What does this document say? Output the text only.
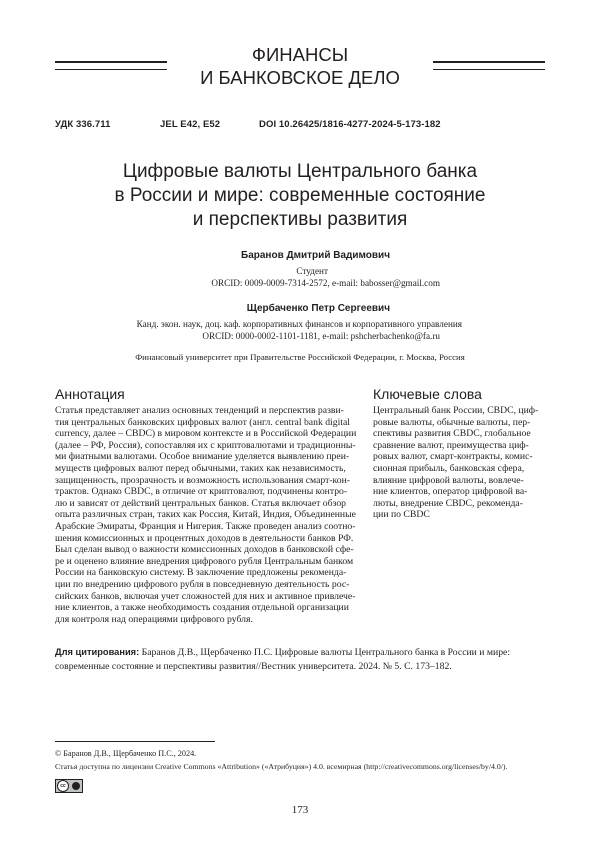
ФИНАНСЫ
И БАНКОВСКОЕ ДЕЛО
УДК 336.711	JEL E42, E52	DOI 10.26425/1816-4277-2024-5-173-182
Цифровые валюты Центрального банка
в России и мире: современные состояние
и перспективы развития
Баранов Дмитрий Вадимович
Студент
ORCID: 0009-0009-7314-2572, e-mail: babosser@gmail.com
Щербаченко Петр Сергеевич
Канд. экон. наук, доц. каф. корпоративных финансов и корпоративного управления
ORCID: 0000-0002-1101-1181, e-mail: pshcherbachenko@fa.ru
Финансовый университет при Правительстве Российской Федерации, г. Москва, Россия
Аннотация
Статья представляет анализ основных тенденций и перспектив разви-
тия центральных банковских цифровых валют (англ. central bank digital
currency, далее – CBDC) в мировом контексте и в Российской Федерации
(далее – РФ, Россия), сопоставляя их с криптовалютами и традиционны-
ми фиатными валютами. Особое внимание уделяется выявлению преи-
муществ цифровых валют перед обычными, таких как независимость,
защищенность, прозрачность и возможность использования смарт-кон-
трактов. Однако CBDC, в отличие от криптовалют, подчинены контро-
лю и зависят от действий центральных банков. Статья включает обзор
опыта различных стран, таких как Россия, Китай, Индия, Объединенные
Арабские Эмираты, Франция и Нигерия. Также проведен анализ соотно-
шения комиссионных и процентных доходов в деятельности банков РФ.
Был сделан вывод о важности комиссионных доходов в банковской сфе-
ре и оценено влияние внедрения цифрового рубля Центральным банком
России на банковскую систему. В заключение предложены рекоменда-
ции по внедрению цифрового рубля в повседневную деятельность рос-
сийских банков, включая учет сложностей для них и активное привлече-
ние клиентов, а также необходимость создания отдельной организации
для контроля над операциями цифрового рубля.
Ключевые слова
Центральный банк России, CBDC, циф-
ровые валюты, обычные валюты, пер-
спективы развития CBDC, глобальное
сравнение валют, преимущества циф-
ровых валют, смарт-контракты, комис-
сионная прибыль, банковская сфера,
влияние цифровой валюты, вовлече-
ние клиентов, оператор цифровой ва-
люты, внедрение CBDC, рекоменда-
ции по CBDC
Для цитирования: Баранов Д.В., Щербаченко П.С. Цифровые валюты Центрального банка в России и мире: современные состояние и перспективы развития//Вестник университета. 2024. № 5. С. 173–182.
© Баранов Д.В., Щербаченко П.С., 2024.
Статья доступна по лицензии Creative Commons «Attribution» («Атрибуция») 4.0. всемирная (http://creativecommons.org/licenses/by/4.0/).
cc
173
